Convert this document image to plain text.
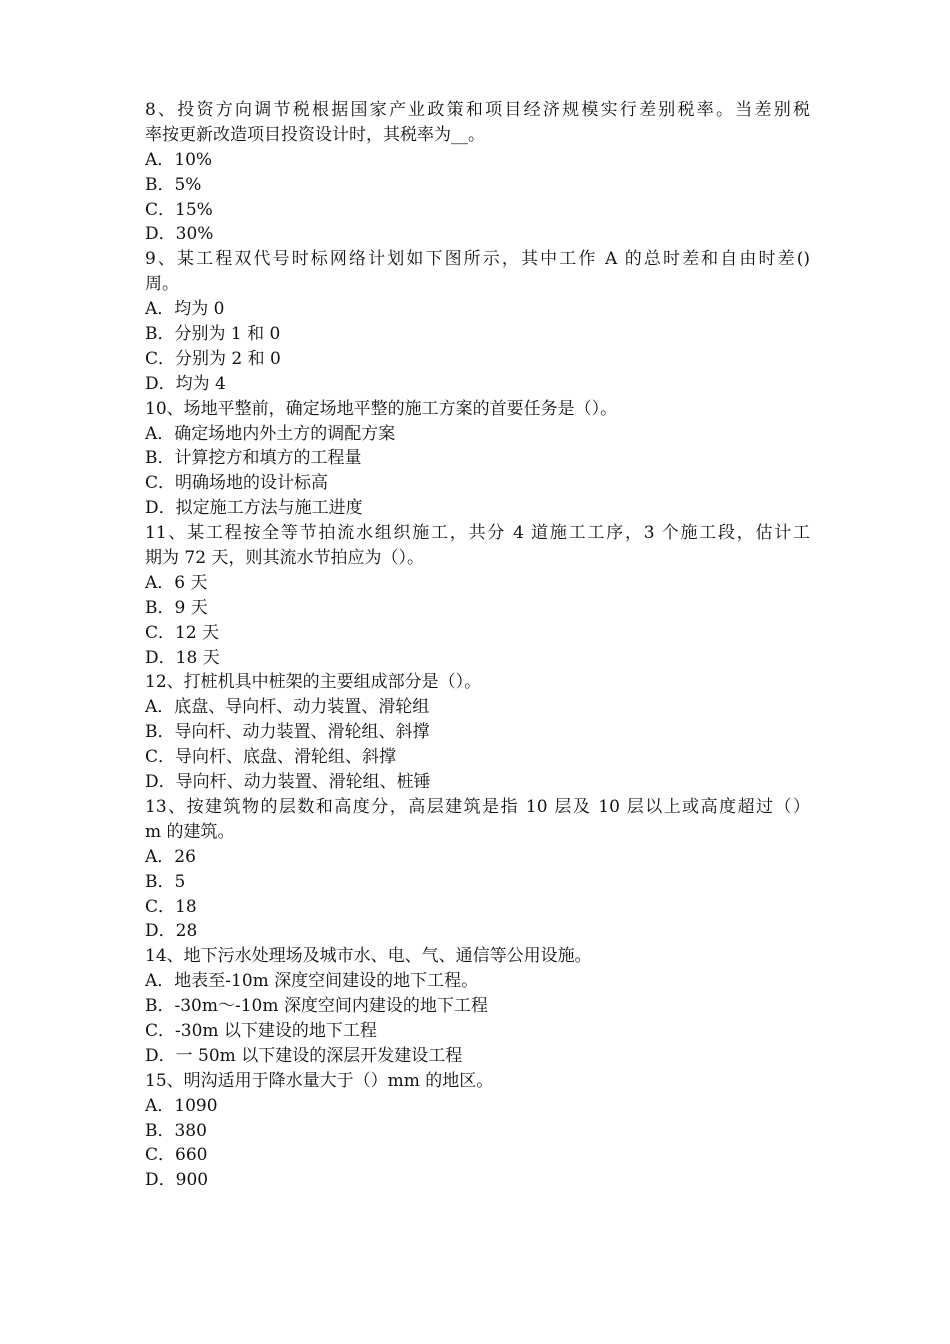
8、投资方向调节税根据国家产业政策和项目经济规模实行差别税率。当差别税
率按更新改造项目投资设计时，其税率为__。
A．10%
B．5%
C．15%
D．30%
9、某工程双代号时标网络计划如下图所示，其中工作 A 的总时差和自由时差()
周。
A．均为 0
B．分别为 1 和 0
C．分别为 2 和 0
D．均为 4
10、场地平整前，确定场地平整的施工方案的首要任务是（）。
A．确定场地内外土方的调配方案
B．计算挖方和填方的工程量
C．明确场地的设计标高
D．拟定施工方法与施工进度
11、某工程按全等节拍流水组织施工，共分 4 道施工工序，3 个施工段，估计工
期为 72 天，则其流水节拍应为（）。
A．6 天
B．9 天
C．12 天
D．18 天
12、打桩机具中桩架的主要组成部分是（）。
A．底盘、导向杆、动力装置、滑轮组
B．导向杆、动力装置、滑轮组、斜撑
C．导向杆、底盘、滑轮组、斜撑
D．导向杆、动力装置、滑轮组、桩锤
13、按建筑物的层数和高度分，高层建筑是指 10 层及 10 层以上或高度超过（）
m 的建筑。
A．26
B．5
C．18
D．28
14、地下污水处理场及城市水、电、气、通信等公用设施。
A．地表至-10m 深度空间建设的地下工程。
B．-30m～-10m 深度空间内建设的地下工程
C．-30m 以下建设的地下工程
D．一 50m 以下建设的深层开发建设工程
15、明沟适用于降水量大于（）mm 的地区。
A．1090
B．380
C．660
D．900
